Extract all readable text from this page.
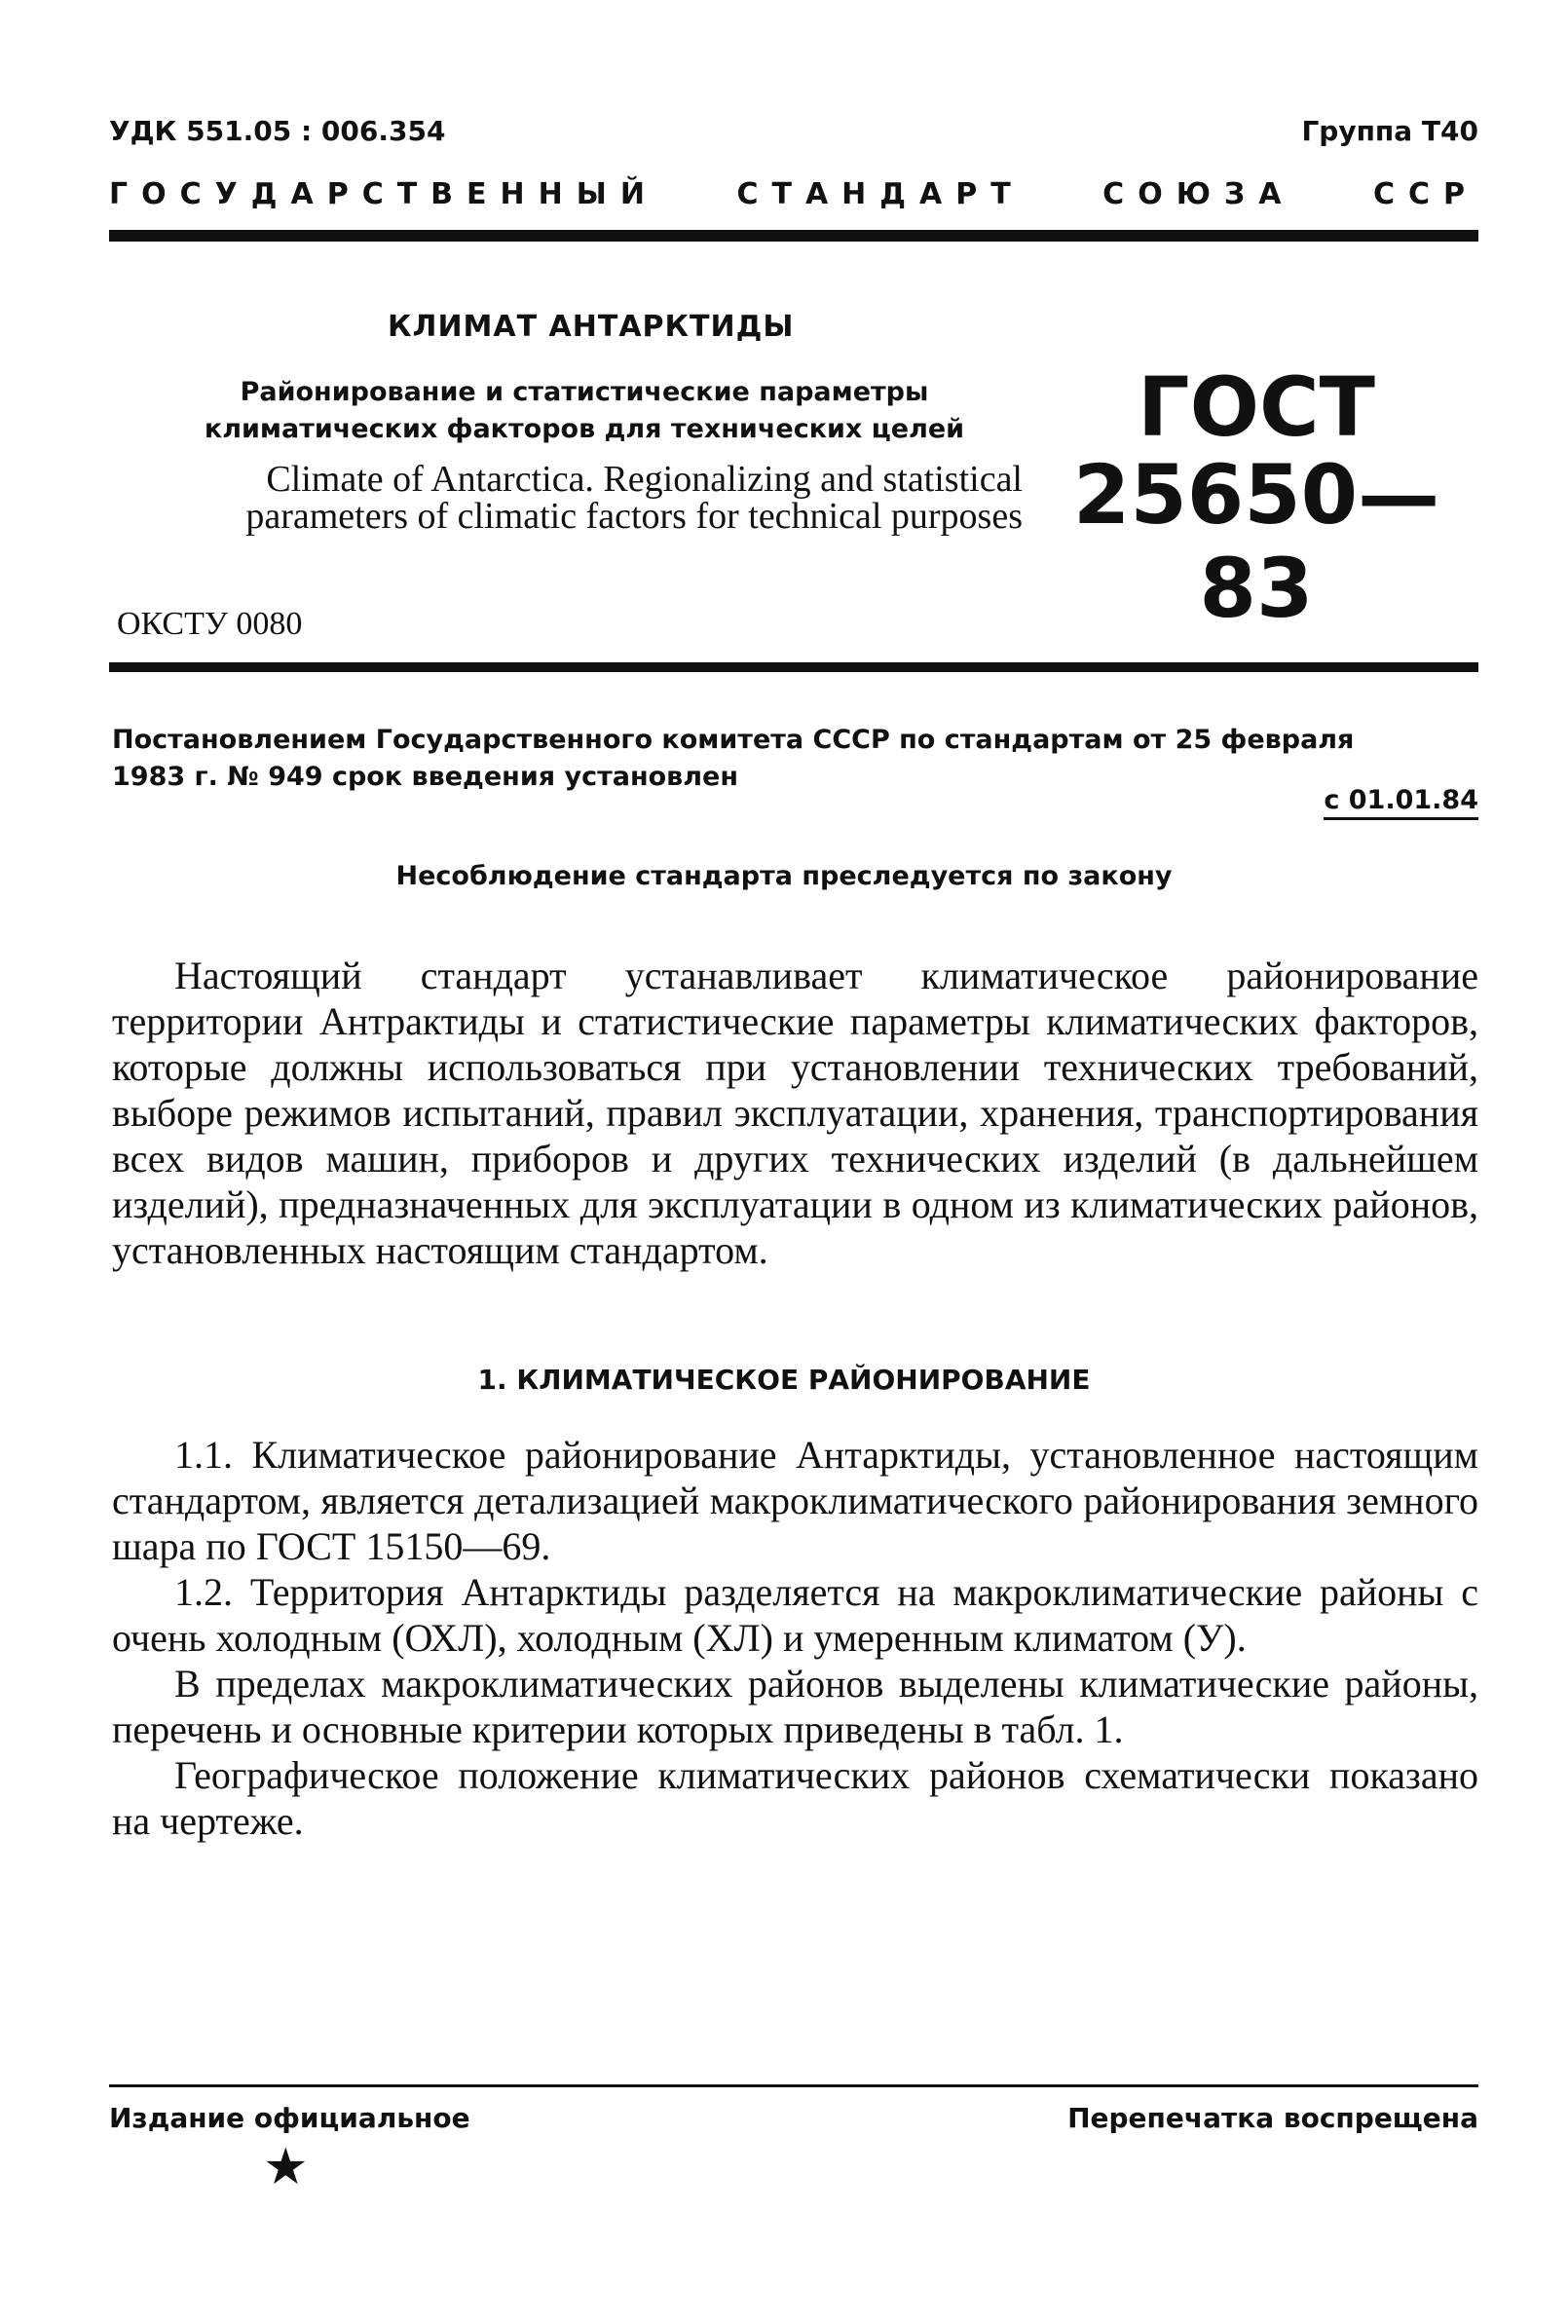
УДК 551.05 : 006.354	Группа Т40
ГОСУДАРСТВЕННЫЙ СТАНДАРТ СОЮЗА ССР
КЛИМАТ АНТАРКТИДЫ
Районирование и статистические параметры
климатических факторов для технических целей
Climate of Antarctica. Regionalizing and statistical
parameters of climatic factors for technical purposes
ГОСТ
25650—83
ОКСТУ 0080
Постановлением Государственного комитета СССР по стандартам от 25 февраля
1983 г. № 949 срок введения установлен
с 01.01.84
Несоблюдение стандарта преследуется по закону

Настоящий стандарт устанавливает климатическое районирование территории Антрактиды и статистические параметры климатических факторов, которые должны использоваться при установлении технических требований, выборе режимов испытаний, правил эксплуатации, хранения, транспортирования всех видов машин, приборов и других технических изделий (в дальнейшем изделий), предназначенных для эксплуатации в одном из климатических районов, установленных настоящим стандартом.

1. КЛИМАТИЧЕСКОЕ РАЙОНИРОВАНИЕ

1.1. Климатическое районирование Антарктиды, установленное настоящим стандартом, является детализацией макроклиматического районирования земного шара по ГОСТ 15150—69.

1.2. Территория Антарктиды разделяется на макроклиматические районы с очень холодным (ОХЛ), холодным (ХЛ) и умеренным климатом (У).

В пределах макроклиматических районов выделены климатические районы, перечень и основные критерии которых приведены в табл. 1.

Географическое положение климатических районов схематически показано на чертеже.

Издание официальное	Перепечатка воспрещена
★
